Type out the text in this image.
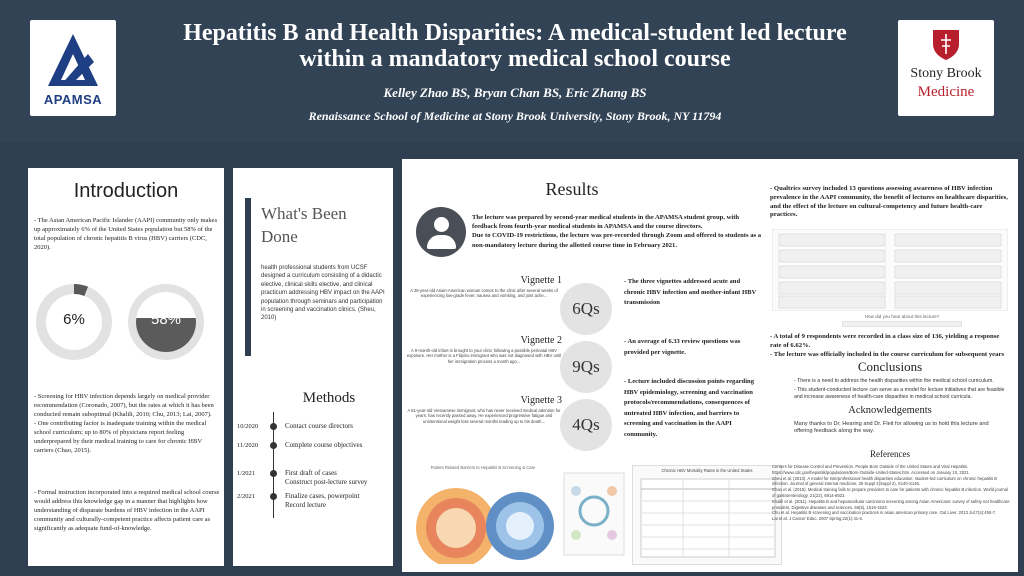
APAMSA
Hepatitis B and Health Disparities: A medical-student led lecture within a mandatory medical school course
Kelley Zhao BS, Bryan Chan BS, Eric Zhang BS
Renaissance School of Medicine at Stony Brook University, Stony Brook, NY 11794
Stony Brook
Medicine
Introduction
- The Asian American Pacific Islander (AAPI) community only makes up approximately 6% of the United States population but 58% of the total population of chronic hepatitis B virus (HBV) carriers (CDC, 2020).
6%	58%
- Screening for HBV infection depends largely on medical provider recommendation (Coronado, 2007), but the rates at which it has been conducted remain suboptimal (Khalili, 2010; Chu, 2013; Lai, 2007).
- One contributing factor is inadequate training within the medical school curriculum; up to 80% of physicians report feeling underprepared by their medical training to care for chronic HBV carriers (Chao, 2015).
- Formal instruction incorporated into a required medical school course would address this knowledge gap in a manner that highlights how understanding of disparate burdens of HBV infection in the AAPI community and culturally-competent practice affects patient care as significantly as adequate fund-of-knowledge.
What's Been Done
health professional students from UCSF designed a curriculum consisting of a didactic elective, clinical skills elective, and clinical practicum addressing HBV impact on the AAPI population through seminars and participation in screening and vaccination clinics. (Sheu, 2010)
Methods
10/2020	Contact course directors
11/2020	Complete course objectives
1/2021	First draft of cases
Construct post-lecture survey
2/2021	Finalize cases, powerpoint
Record lecture
Results
The lecture was prepared by second-year medical students in the APAMSA student group, with feedback from fourth-year medical students in APAMSA and the course directors.
Due to COVID-19 restrictions, the lecture was pre-recorded through Zoom and offered to students as a non-mandatory lecture during the allotted course time in February 2021.
Vignette 1
A 28-year-old Asian-American woman comes to the clinic after several weeks of experiencing low-grade fever, nausea and vomiting, and joint ache...
Vignette 2
A 9-month-old infant is brought to your clinic following a possible perinatal HBV exposure. Her mother is a Filipino immigrant who was not diagnosed with HBV until her immigration process a month ago...
Vignette 3
A 61-year-old Vietnamese immigrant, who has never received medical attention for years, has recently passed away. He experienced progressive fatigue and unintentional weight loss several months leading up to his death...
6Qs
9Qs
4Qs
- The three vignettes addressed acute and chronic HBV infection and mother-infant HBV transmission
- An average of 6.33 review questions was provided per vignette.
- Lecture included discussion points regarding HBV epidemiology, screening and vaccination protocols/recommendations, consequences of untreated HBV infection, and barriers to screening and vaccination in the AAPI community.
Patient Related Barriers to Hepatitis B Screening & Care
Chronic HBV Mortality Rates in the United States
- Qualtrics survey included 13 questions assessing awareness of HBV infection prevalence in the AAPI community, the benefit of lectures on healthcare disparities, and the effect of the lecture on cultural-competency and future health-care practices.
How did you hear about this lecture?
- A total of 9 respondents were recorded in a class size of 136, yielding a response rate of 6.62%.
- The lecture was officially included in the course curriculum for subsequent years
Conclusions
- There is a need to address the health disparities within the medical school curriculum.
- This student-conducted lecture can serve as a model for lecture initiatives that are feasible and increase awareness of health-care disparities in medical school curricula.
Acknowledgements
Many thanks to Dr. Hearing and Dr. Fleit for allowing us to hold this lecture and offering feedback along the way.
References
Centers for Disease Control and Prevention. People Born Outside of the United States and Viral Hepatitis. https://www.cdc.gov/hepatitis/populations/Born-Outside-United-States.htm. Accessed on January 10, 2021.
Sheu et al. (2010). A model for interprofessional health disparities education: student-led curriculum on chronic hepatitis B infection. Journal of general internal medicine, 25 Suppl 2(Suppl 2), S140-S145.
Chao et al. (2015). Medical training fails to prepare providers to care for patients with chronic hepatitis B infection. World journal of gastroenterology, 21(22), 6914-6923.
Khalili et al. (2011). Hepatitis B and hepatocellular carcinoma screening among Asian Americans: survey of safety net healthcare providers. Digestive diseases and sciences, 56(5), 1516-1523.
Chu et al. Hepatitis B screening and vaccination practices in asian american primary care. Gut Liver. 2013 Jul;7(4):450-7.
Lai et al. J Cancer Educ. 2007 Spring;22(1):41-6.
